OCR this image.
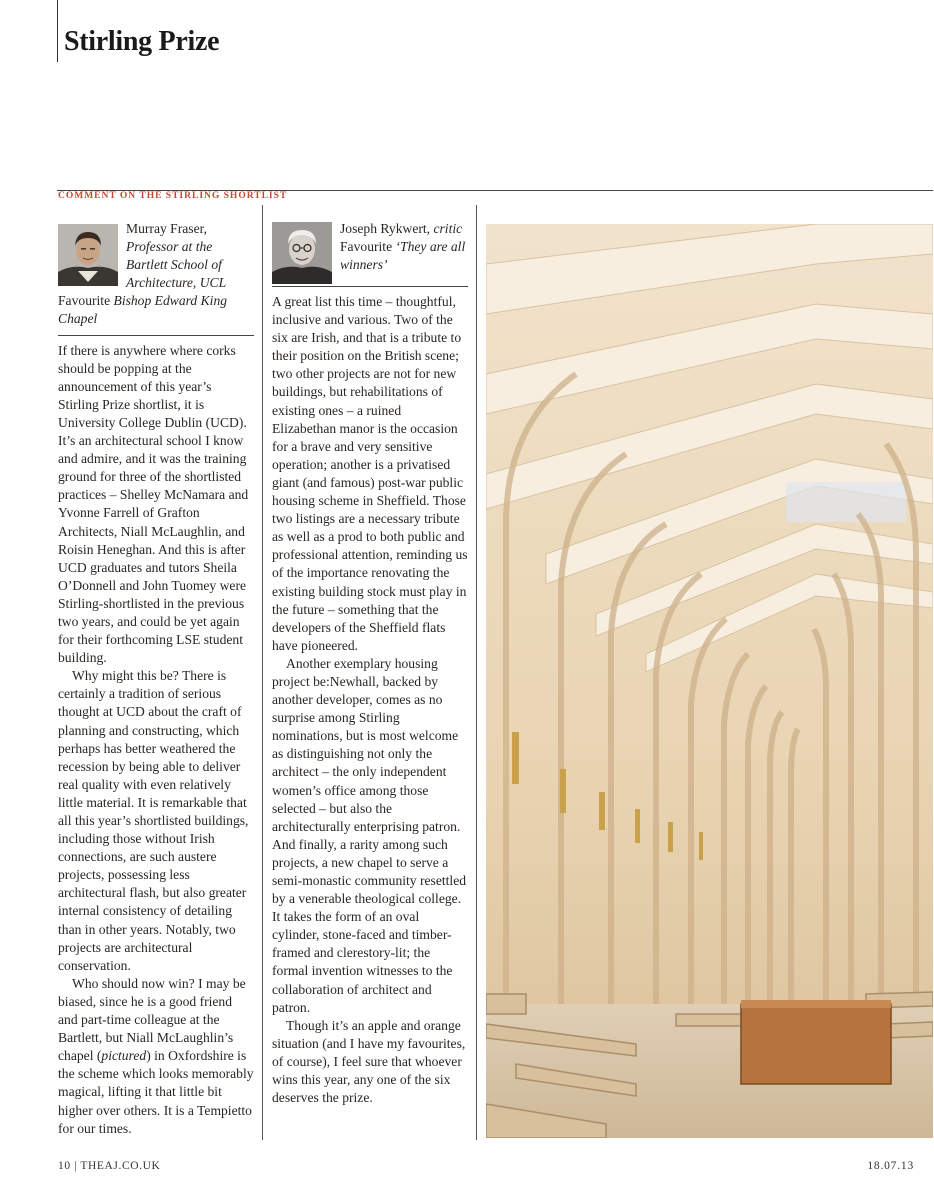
Stirling Prize
COMMENT ON THE STIRLING SHORTLIST
Murray Fraser,
Professor at the Bartlett School of Architecture, UCL
Favourite Bishop Edward King Chapel

If there is anywhere where corks should be popping at the announcement of this year’s Stirling Prize shortlist, it is University College Dublin (UCD). It’s an architectural school I know and admire, and it was the training ground for three of the shortlisted practices – Shelley McNamara and Yvonne Farrell of Grafton Architects, Niall McLaughlin, and Roisin Heneghan. And this is after UCD graduates and tutors Sheila O’Donnell and John Tuomey were Stirling-shortlisted in the previous two years, and could be yet again for their forthcoming LSE student building.

Why might this be? There is certainly a tradition of serious thought at UCD about the craft of planning and constructing, which perhaps has better weathered the recession by being able to deliver real quality with even relatively little material. It is remarkable that all this year’s shortlisted buildings, including those without Irish connections, are such austere projects, possessing less architectural flash, but also greater internal consistency of detailing than in other years. Notably, two projects are architectural conservation.

Who should now win? I may be biased, since he is a good friend and part-time colleague at the Bartlett, but Niall McLaughlin’s chapel (pictured) in Oxfordshire is the scheme which looks memorably magical, lifting it that little bit higher over others. It is a Tempietto for our times.

Joseph Rykwert, critic
Favourite ‘They are all winners’

A great list this time – thoughtful, inclusive and various. Two of the six are Irish, and that is a tribute to their position on the British scene; two other projects are not for new buildings, but rehabilitations of existing ones – a ruined Elizabethan manor is the occasion for a brave and very sensitive operation; another is a privatised giant (and famous) post-war public housing scheme in Sheffield. Those two listings are a necessary tribute as well as a prod to both public and professional attention, reminding us of the importance renovating the existing building stock must play in the future – something that the developers of the Sheffield flats have pioneered.

Another exemplary housing project be:Newhall, backed by another developer, comes as no surprise among Stirling nominations, but is most welcome as distinguishing not only the architect – the only independent women’s office among those selected – but also the architecturally enterprising patron. And finally, a rarity among such projects, a new chapel to serve a semi-monastic community resettled by a venerable theological college. It takes the form of an oval cylinder, stone-faced and timber-framed and clerestory-lit; the formal invention witnesses to the collaboration of architect and patron.

Though it’s an apple and orange situation (and I have my favourites, of course), I feel sure that whoever wins this year, any one of the six deserves the prize.

10 | THEAJ.CO.UK	18.07.13
